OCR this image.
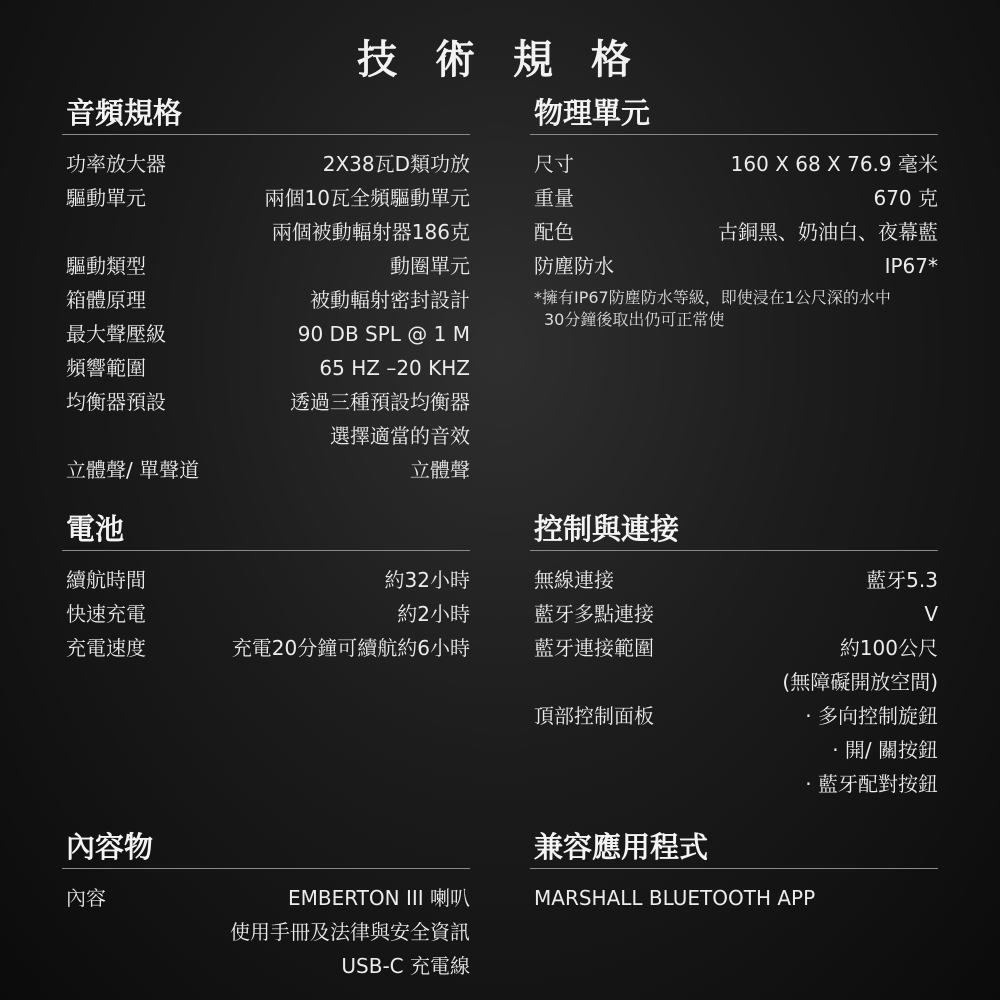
技 術 規 格
音頻規格
功率放大器	2X38瓦D類功放
驅動單元	兩個10瓦全頻驅動單元
兩個被動輻射器186克
驅動類型	動圈單元
箱體原理	被動輻射密封設計
最大聲壓級	90 DB SPL @ 1 M
頻響範圍	65 HZ –20 KHZ
均衡器預設	透過三種預設均衡器
選擇適當的音效
立體聲/ 單聲道	立體聲
物理單元
尺寸	160 X 68 X 76.9 毫米
重量	670 克
配色	古銅黑、奶油白、夜幕藍
防塵防水	IP67*
*擁有IP67防塵防水等級，即使浸在1公尺深的水中
30分鐘後取出仍可正常使
電池
續航時間	約32小時
快速充電	約2小時
充電速度	充電20分鐘可續航約6小時
控制與連接
無線連接	藍牙5.3
藍牙多點連接	V
藍牙連接範圍	約100公尺
(無障礙開放空間)
頂部控制面板	· 多向控制旋鈕
· 開/ 關按鈕
· 藍牙配對按鈕
內容物
內容	EMBERTON III 喇叭
使用手冊及法律與安全資訊
USB-C 充電線
兼容應用程式
MARSHALL BLUETOOTH APP
